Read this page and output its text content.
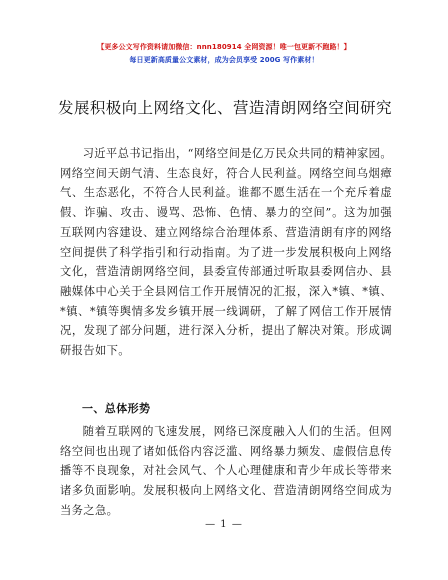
【更多公文写作资料请加微信：nnn180914 全网资源！唯一包更新不跑路！】
每日更新高质量公文素材，成为会员享受 200G 写作素材！
发展积极向上网络文化、营造清朗网络空间研究

习近平总书记指出，“网络空间是亿万民众共同的精神家园。网络空间天朗气清、生态良好，符合人民利益。网络空间乌烟瘴气、生态恶化，不符合人民利益。谁都不愿生活在一个充斥着虚假、诈骗、攻击、谩骂、恐怖、色情、暴力的空间”。这为加强互联网内容建设、建立网络综合治理体系、营造清朗有序的网络空间提供了科学指引和行动指南。为了进一步发展积极向上网络文化，营造清朗网络空间，县委宣传部通过听取县委网信办、县融媒体中心关于全县网信工作开展情况的汇报，深入*镇、*镇、*镇、*镇等舆情多发乡镇开展一线调研，了解了网信工作开展情况，发现了部分问题，进行深入分析，提出了解决对策。形成调研报告如下。

一、总体形势

随着互联网的飞速发展，网络已深度融入人们的生活。但网络空间也出现了诸如低俗内容泛滥、网络暴力频发、虚假信息传播等不良现象，对社会风气、个人心理健康和青少年成长等带来诸多负面影响。发展积极向上网络文化、营造清朗网络空间成为当务之急。

— 1 —
